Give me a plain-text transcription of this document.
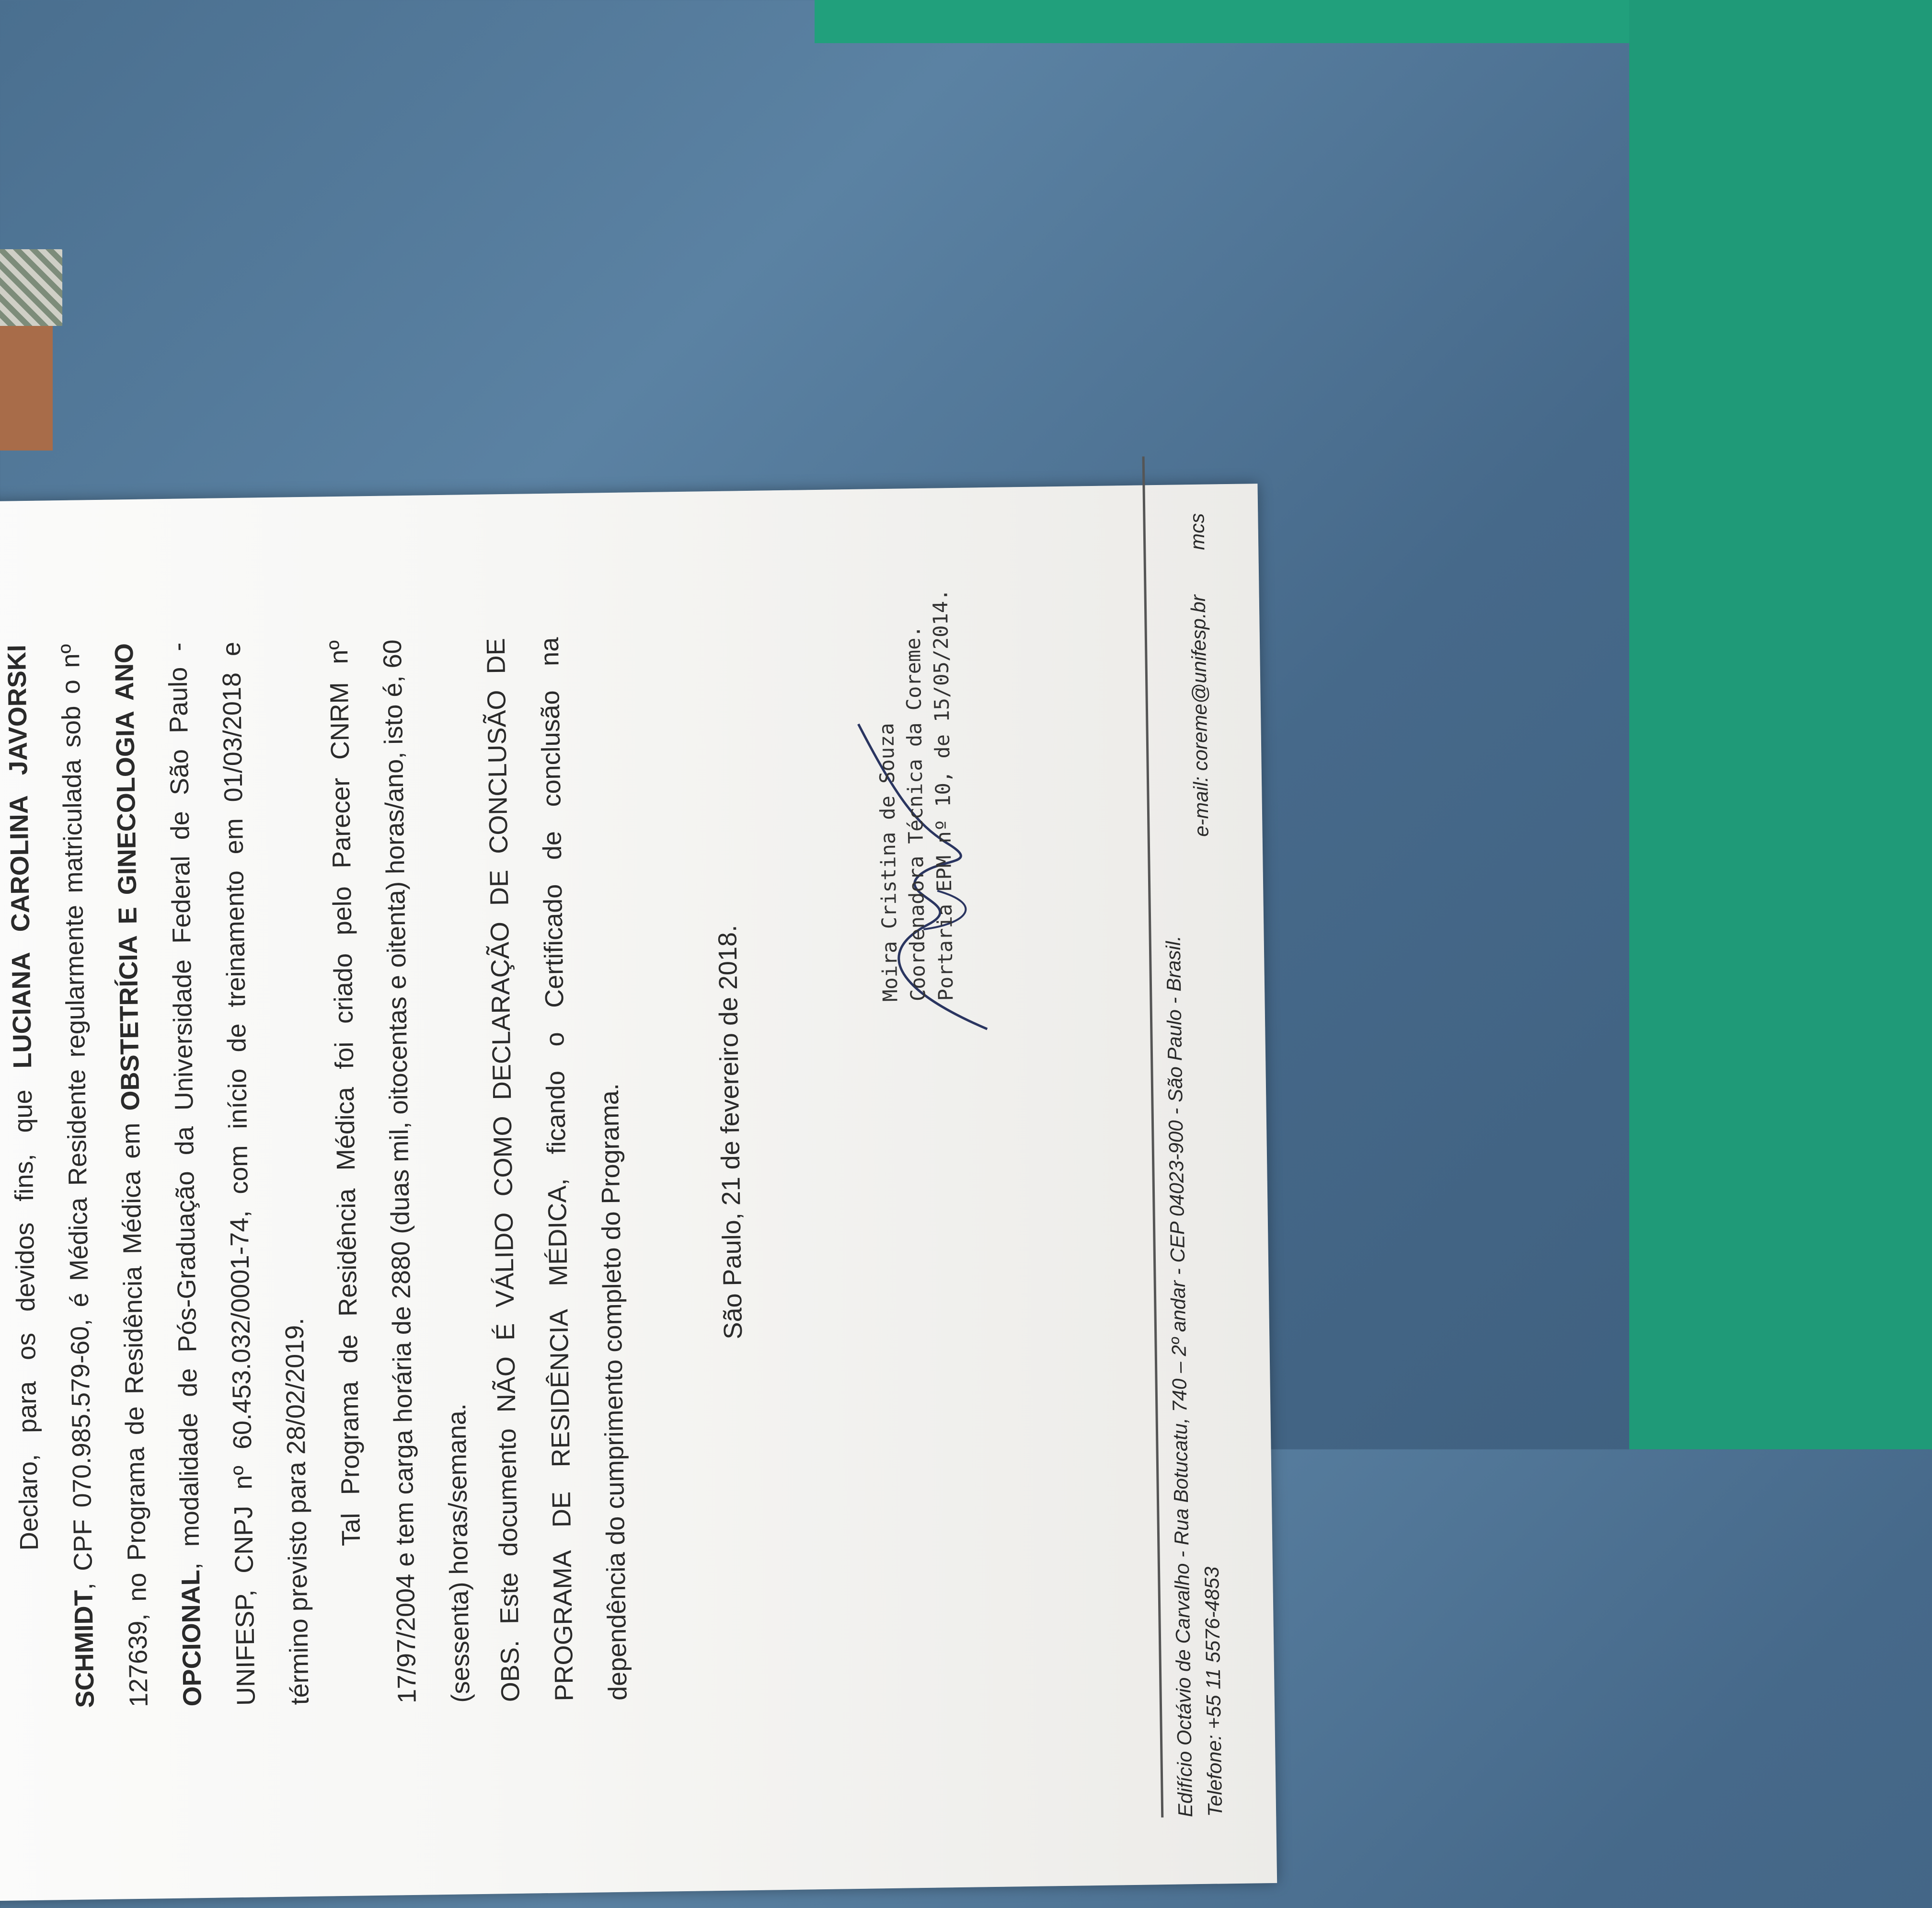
Declaro, para os devidos fins, que LUCIANA CAROLINA JAVORSKI SCHMIDT, CPF 070.985.579-60, é Médica Residente regularmente matriculada sob o nº 127639, no Programa de Residência Médica em OBSTETRÍCIA E GINECOLOGIA ANO OPCIONAL, modalidade de Pós-Graduação da Universidade Federal de São Paulo - UNIFESP, CNPJ nº 60.453.032/0001-74, com início de treinamento em 01/03/2018 e término previsto para 28/02/2019. Tal Programa de Residência Médica foi criado pelo Parecer CNRM nº 17/97/2004 e tem carga horária de 2880 (duas mil, oitocentas e oitenta) horas/ano, isto é, 60 (sessenta) horas/semana. OBS. Este documento NÃO É VÁLIDO COMO DECLARAÇÃO DE CONCLUSÃO DE PROGRAMA DE RESIDÊNCIA MÉDICA, ficando o Certificado de conclusão na dependência do cumprimento completo do Programa.	São Paulo, 21 de fevereiro de 2018.
Moira Cristina de Souza
Coordenadora Técnica da Coreme.
Portaria EPM nº 10, de 15/05/2014.
Edifício Octávio de Carvalho - Rua Botucatu, 740 – 2º andar - CEP 04023-900 - São Paulo - Brasil. Telefone: +55 11 5576-4853
e-mail: coreme@unifesp.br        mcs
